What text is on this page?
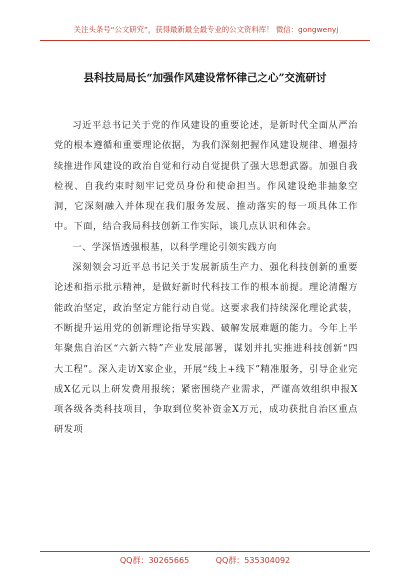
关注头条号“公文研究”，获得最新最全最专业的公文资料库！ 微信：gongwenyj
县科技局局长“加强作风建设常怀律己之心”交流研讨

习近平总书记关于党的作风建设的重要论述，是新时代全面从严治党的根本遵循和重要理论依据，为我们深刻把握作风建设规律、增强持续推进作风建设的政治自觉和行动自觉提供了强大思想武器。加强自我检视、自我约束时刻牢记党员身份和使命担当。作风建设绝非抽象空洞，它深刻融入并体现在我们服务发展、推动落实的每一项具体工作中。下面，结合我局科技创新工作实际，谈几点认识和体会。

一、学深悟透强根基，以科学理论引领实践方向

深刻领会习近平总书记关于发展新质生产力、强化科技创新的重要论述和指示批示精神，是做好新时代科技工作的根本前提。理论清醒方能政治坚定，政治坚定方能行动自觉。这要求我们持续深化理论武装，不断提升运用党的创新理论指导实践、破解发展难题的能力。今年上半年聚焦自治区“六新六特”产业发展部署，谋划并扎实推进科技创新“四大工程”。深入走访X家企业，开展“线上+线下”精准服务，引导企业完成X亿元以上研发费用报统；紧密围绕产业需求，严谨高效组织申报X项各级各类科技项目，争取到位奖补资金X万元，成功获批自治区重点研发项

QQ群：30265665	QQ群：535304092
